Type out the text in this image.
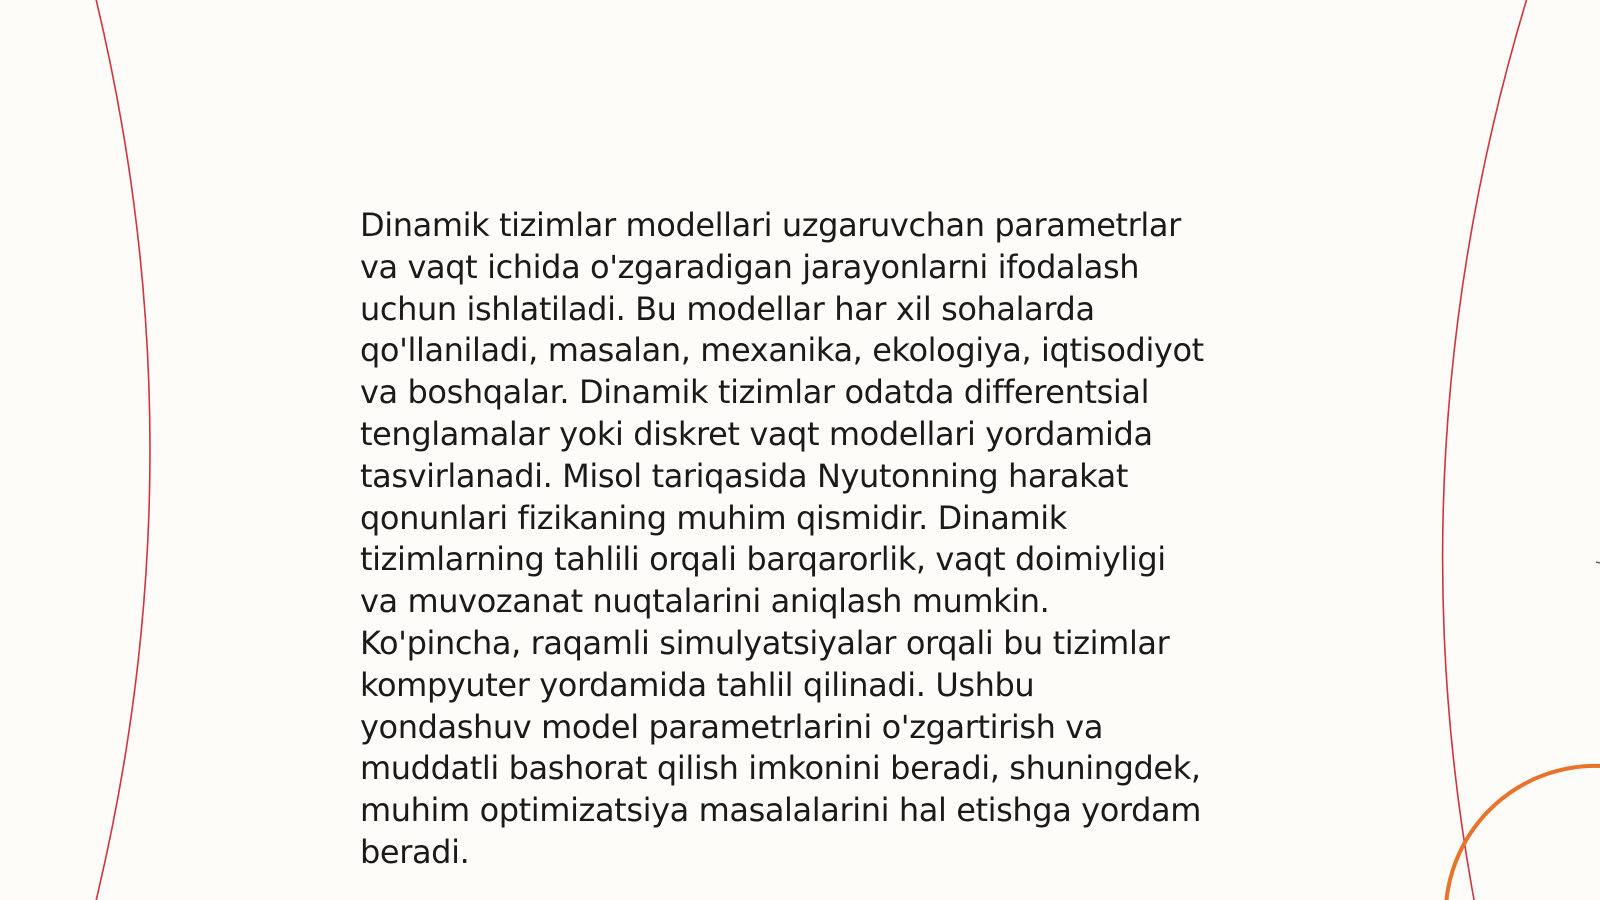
Dinamik tizimlar modellari uzgaruvchan parametrlar
va vaqt ichida o'zgaradigan jarayonlarni ifodalash
uchun ishlatiladi. Bu modellar har xil sohalarda
qo'llaniladi, masalan, mexanika, ekologiya, iqtisodiyot
va boshqalar. Dinamik tizimlar odatda differentsial
tenglamalar yoki diskret vaqt modellari yordamida
tasvirlanadi. Misol tariqasida Nyutonning harakat
qonunlari fizikaning muhim qismidir. Dinamik
tizimlarning tahlili orqali barqarorlik, vaqt doimiyligi
va muvozanat nuqtalarini aniqlash mumkin.
Ko'pincha, raqamli simulyatsiyalar orqali bu tizimlar
kompyuter yordamida tahlil qilinadi. Ushbu
yondashuv model parametrlarini o'zgartirish va
muddatli bashorat qilish imkonini beradi, shuningdek,
muhim optimizatsiya masalalarini hal etishga yordam
beradi.
